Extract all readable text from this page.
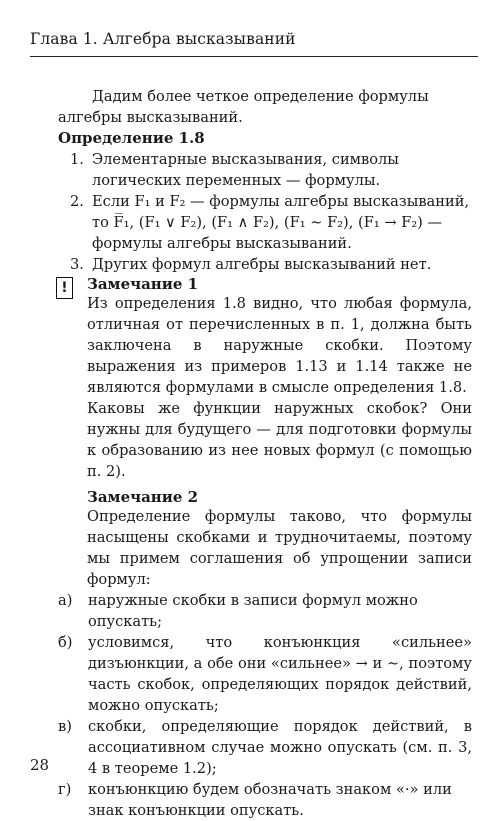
Глава 1. Алгебра высказываний
Дадим более четкое определение формулы алгебры высказываний.
Определение 1.8
1. Элементарные высказывания, символы логических переменных — формулы.
2. Если F₁ и F₂ — формулы алгебры высказываний,
то F̅₁, (F₁ ∨ F₂), (F₁ ∧ F₂), (F₁ ∼ F₂), (F₁ → F₂) —
формулы алгебры высказываний.
3. Других формул алгебры высказываний нет.
!	Замечание 1
Из определения 1.8 видно, что любая формула, отличная от перечисленных в п. 1, должна быть заключена в наружные скобки. Поэтому выражения из примеров 1.13 и 1.14 также не являются формулами в смысле определения 1.8.
Каковы же функции наружных скобок? Они нужны для будущего — для подготовки формулы к образованию из нее новых формул (с помощью п. 2).
Замечание 2
Определение формулы таково, что формулы насыщены скобками и трудночитаемы, поэтому мы примем соглашения об упрощении записи формул:
а) наружные скобки в записи формул можно опускать;
б) условимся, что конъюнкция «сильнее» дизъюнкции, а обе они «сильнее» → и ∼, поэтому часть скобок, определяющих порядок действий, можно опускать;
в) скобки, определяющие порядок действий, в ассоциативном случае можно опускать (см. п. 3, 4 в теореме 1.2);
г) конъюнкцию будем обозначать знаком «·» или знак конъюнкции опускать.
28
